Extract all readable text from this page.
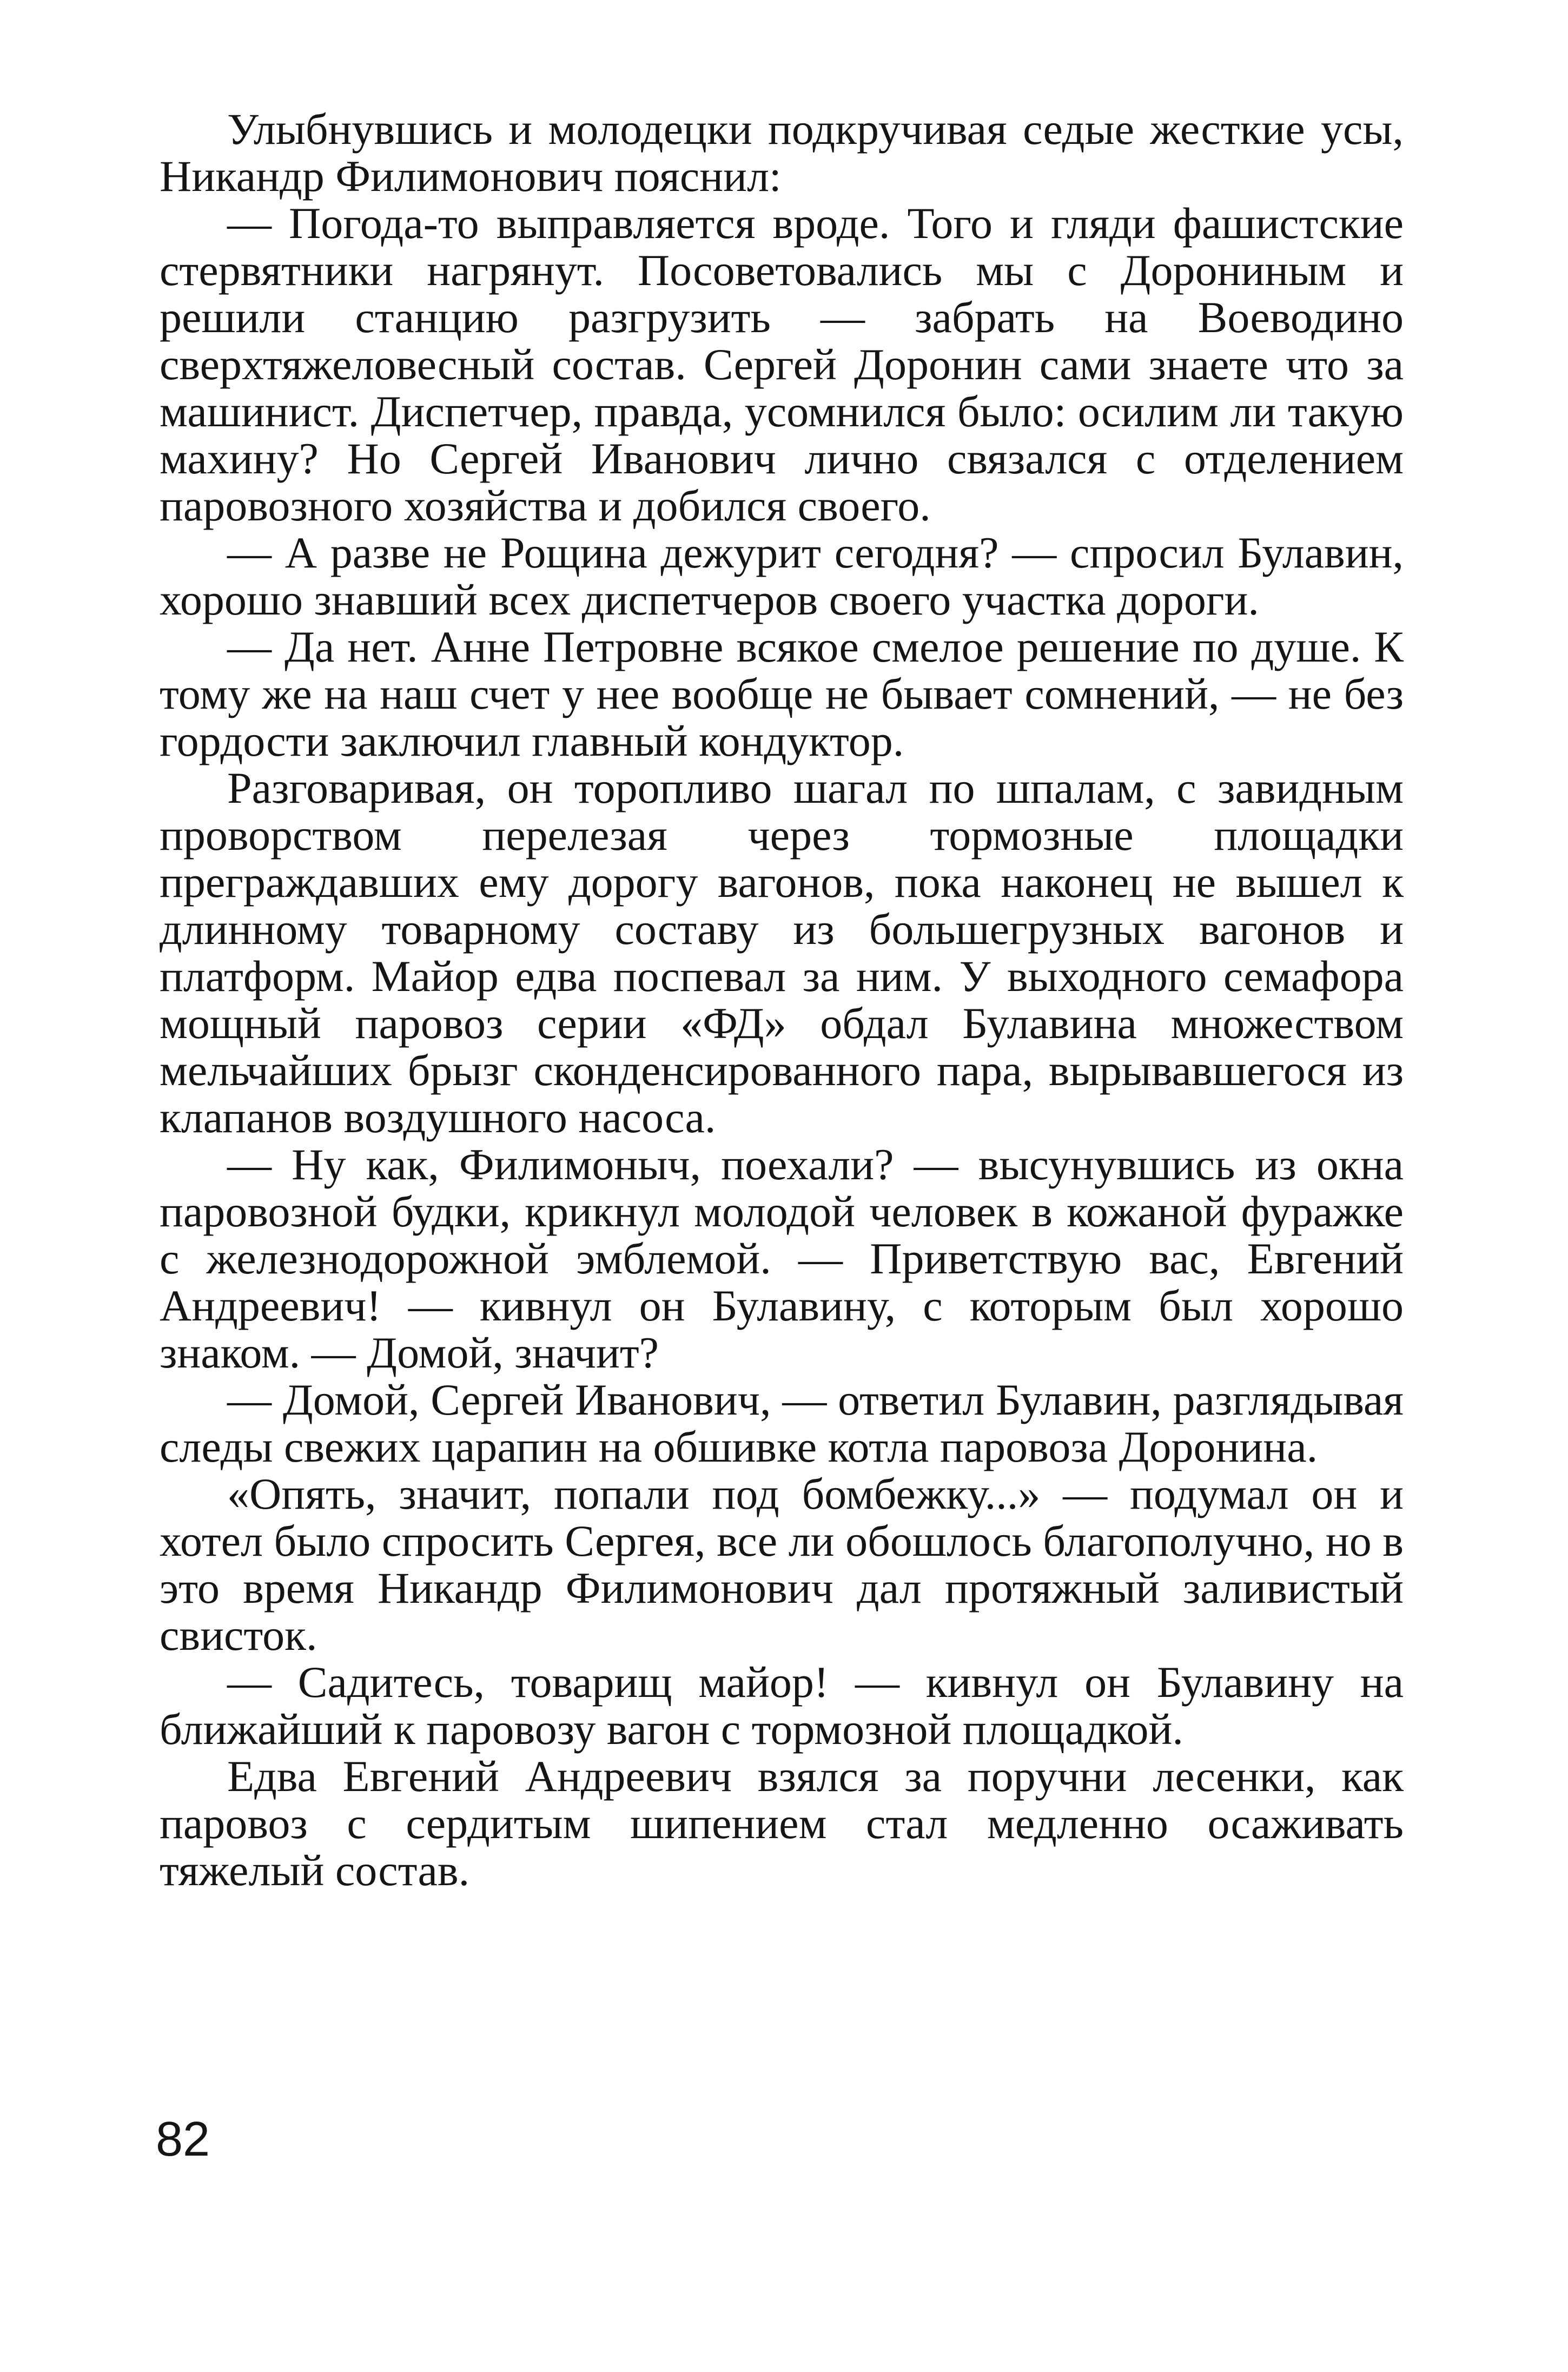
Улыбнувшись и молодецки подкручивая седые жесткие усы, Никандр Филимонович пояснил:

— Погода-то выправляется вроде. Того и гляди фашистские стервятники нагрянут. Посоветовались мы с Дорониным и решили станцию разгрузить — забрать на Воеводино сверхтяжеловесный состав. Сергей Доронин сами знаете что за машинист. Диспетчер, правда, усомнился было: осилим ли такую махину? Но Сергей Иванович лично связался с отделением паровозного хозяйства и добился своего.

— А разве не Рощина дежурит сегодня? — спросил Булавин, хорошо знавший всех диспетчеров своего участка дороги.

— Да нет. Анне Петровне всякое смелое решение по душе. К тому же на наш счет у нее вообще не бывает сомнений, — не без гордости заключил главный кондуктор.

Разговаривая, он торопливо шагал по шпалам, с завидным проворством перелезая через тормозные площадки преграждавших ему дорогу вагонов, пока наконец не вышел к длинному товарному составу из большегрузных вагонов и платформ. Майор едва поспевал за ним. У выходного семафора мощный паровоз серии «ФД» обдал Булавина множеством мельчайших брызг сконденсированного пара, вырывавшегося из клапанов воздушного насоса.

— Ну как, Филимоныч, поехали? — высунувшись из окна паровозной будки, крикнул молодой человек в кожаной фуражке с железнодорожной эмблемой. — Приветствую вас, Евгений Андреевич! — кивнул он Булавину, с которым был хорошо знаком. — Домой, значит?

— Домой, Сергей Иванович, — ответил Булавин, разглядывая следы свежих царапин на обшивке котла паровоза Доронина.

«Опять, значит, попали под бомбежку...» — подумал он и хотел было спросить Сергея, все ли обошлось благополучно, но в это время Никандр Филимонович дал протяжный заливистый свисток.

— Садитесь, товарищ майор! — кивнул он Булавину на ближайший к паровозу вагон с тормозной площадкой.

Едва Евгений Андреевич взялся за поручни лесенки, как паровоз с сердитым шипением стал медленно осаживать тяжелый состав.

82
